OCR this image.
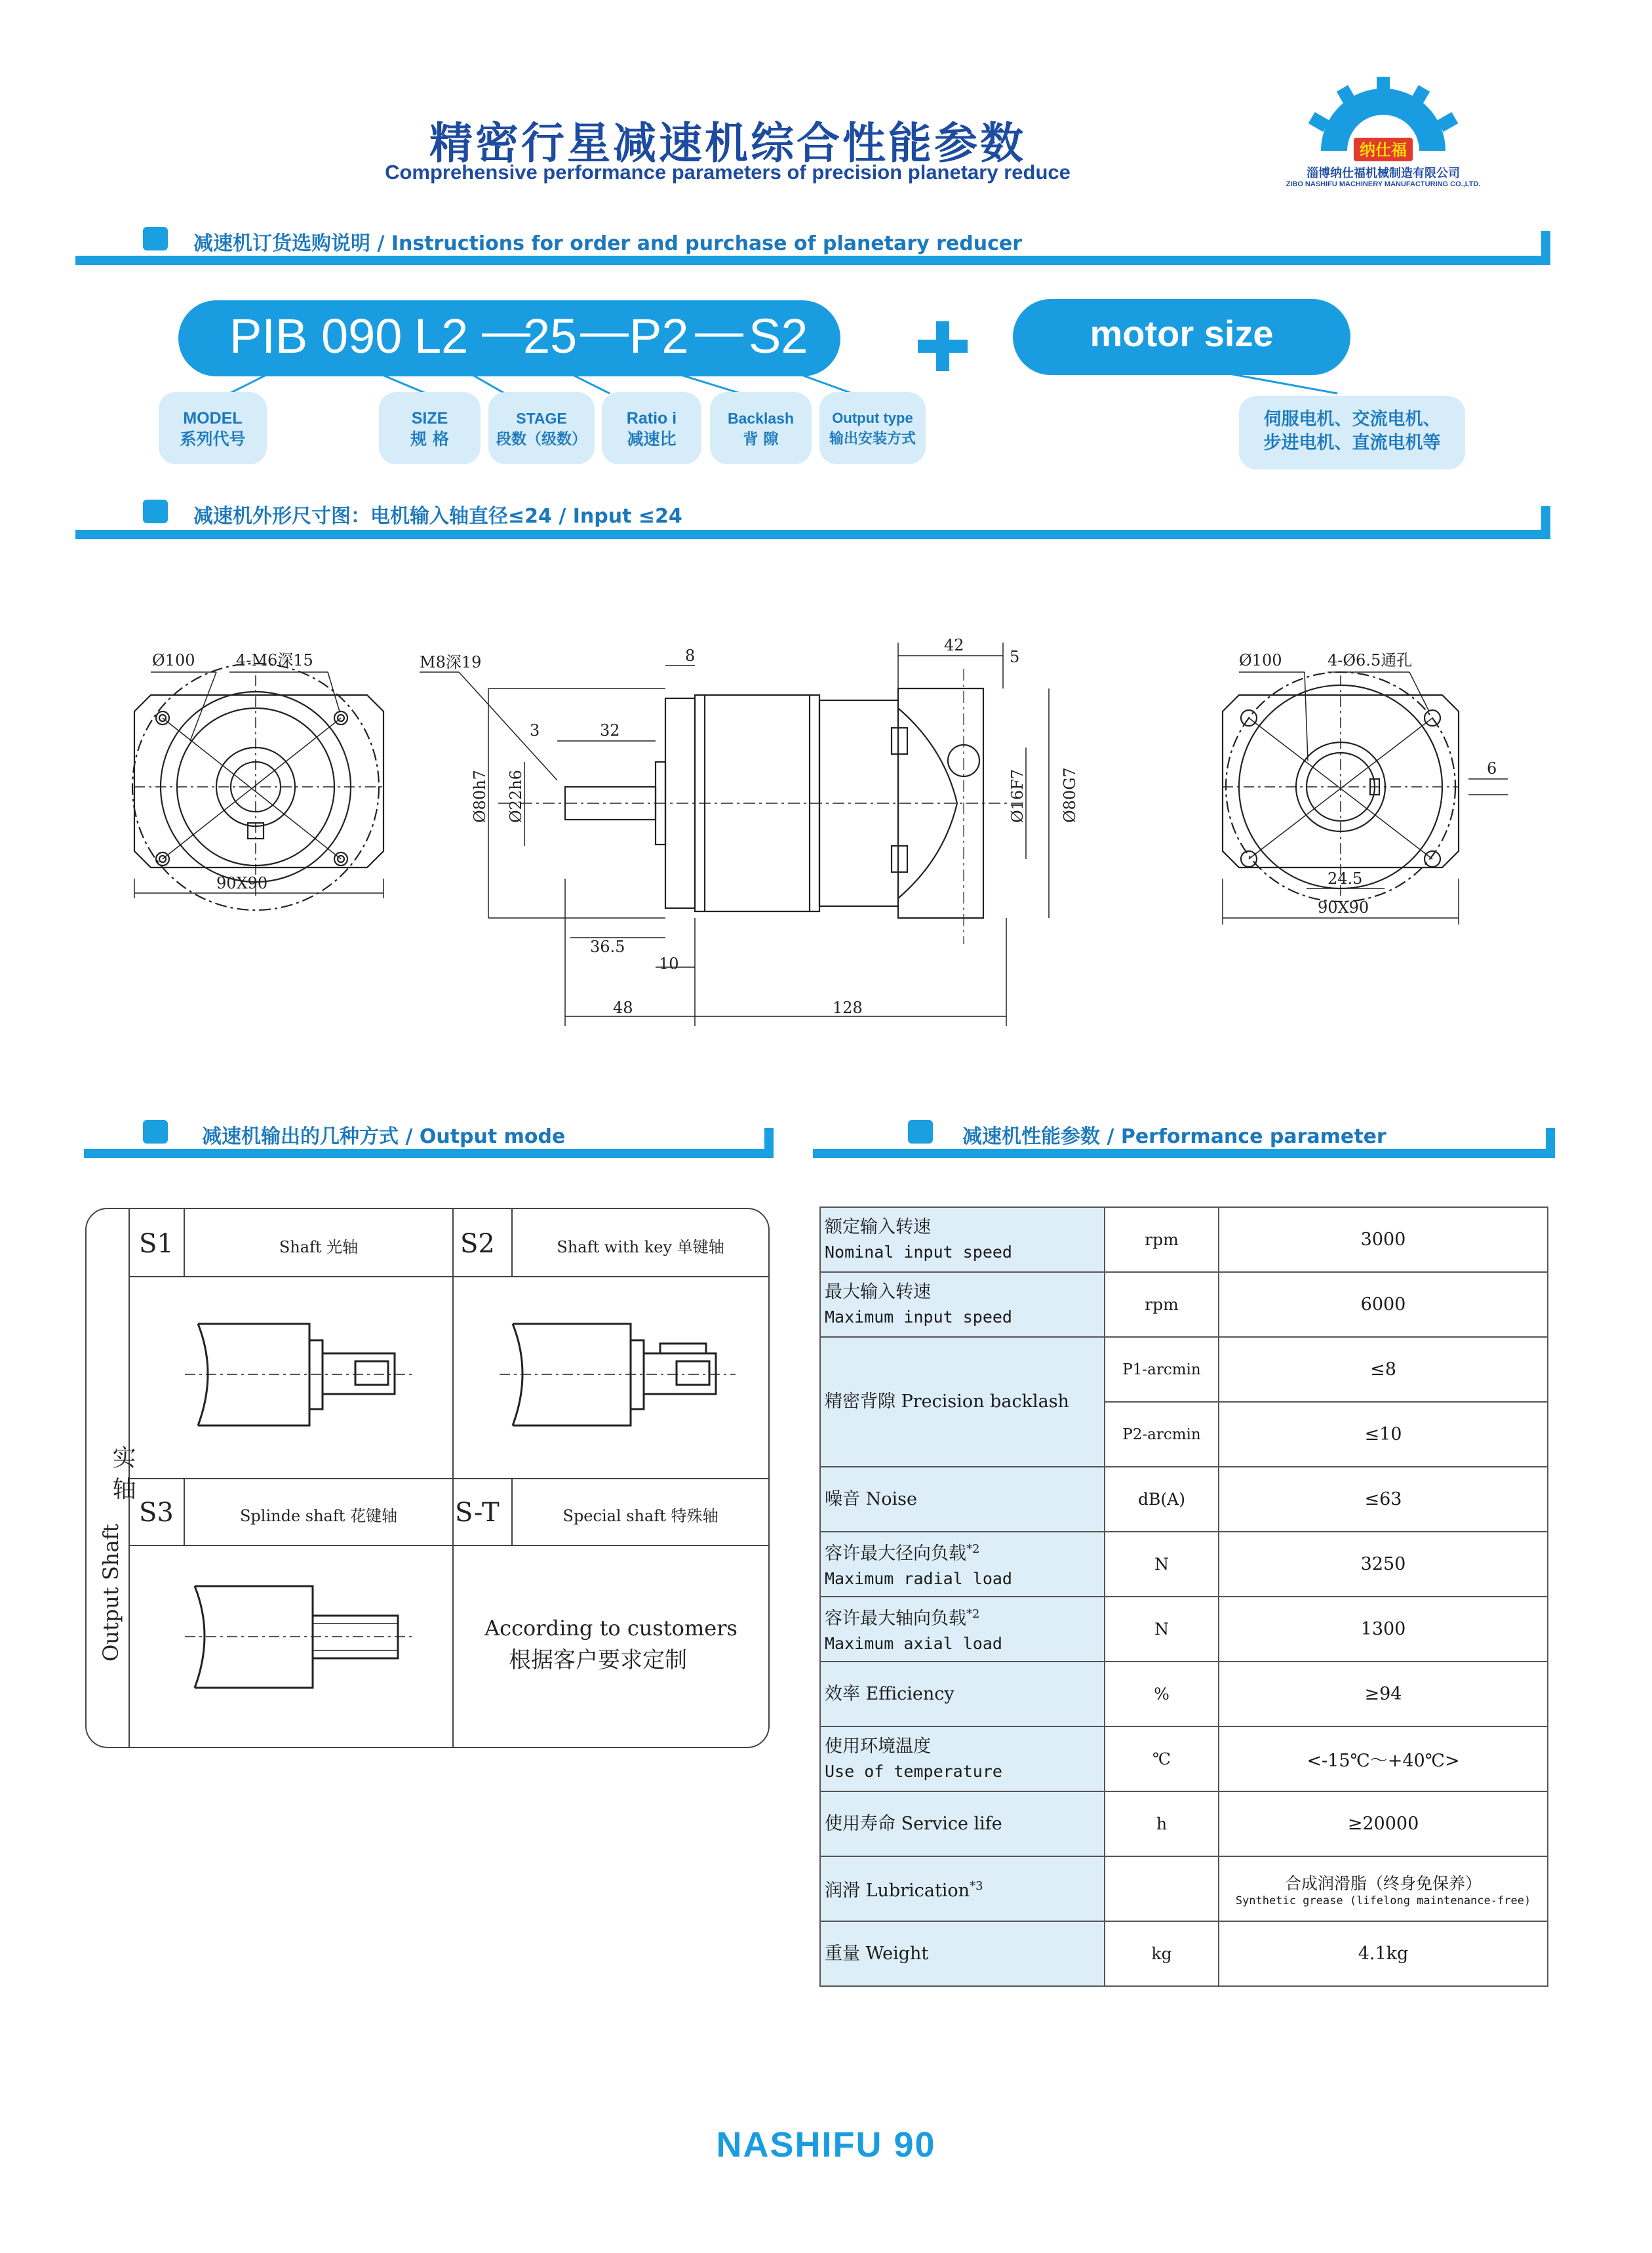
精密行星减速机综合性能参数
Comprehensive performance parameters of precision planetary reduce
纳仕福
淄博纳仕福机械制造有限公司
ZIBO NASHIFU MACHINERY MANUFACTURING CO.,LTD.
减速机订货选购说明 / Instructions for order and purchase of planetary reducer
PIB 090 L2 —
25 — P2 — S2	motor size
MODEL
系列代号
SIZE
规 格
STAGE
段数（级数）
Ratio i
减速比
Backlash
背 隙
Output type
输出安装方式
伺服电机、交流电机、
步进电机、直流电机等
减速机外形尺寸图：电机输入轴直径≤24 / Input ≤24
Ø100	4-M6深15
90X90
M8深19	8
42
5
3	32
Ø80h7 Ø22h6	Ø16F7 Ø80G7
36.5
10
48	128
Ø100	4-Ø6.5通孔
6
24.5
90X90
减速机输出的几种方式 / Output mode	减速机性能参数 / Performance parameter
实 轴
Output Shaft
S1	Shaft 光轴	S2	Shaft with key 单键轴
S3	Splinde shaft 花键轴	S-T	Special shaft 特殊轴
According to customers
根据客户要求定制
额定输入转速
Nominal input speed	rpm	3000
最大输入转速
Maximum input speed	rpm	6000
精密背隙 Precision backlash	P1-arcmin	≤8
	P2-arcmin	≤10
噪音 Noise	dB(A)	≤63
容许最大径向负载$^{*2}$
Maximum radial load	N	3250
容许最大轴向负载$^{*2}$
Maximum axial load	N	1300
效率 Efficiency	%	≥94
使用环境温度
Use of temperature	℃	<-15℃～+40℃>
使用寿命 Service life	h	≥20000
润滑 Lubrication$^{*3}$		合成润滑脂（终身免保养）
Synthetic grease (lifelong maintenance-free)

重量 Weight	kg	4.1kg
NASHIFU 90
